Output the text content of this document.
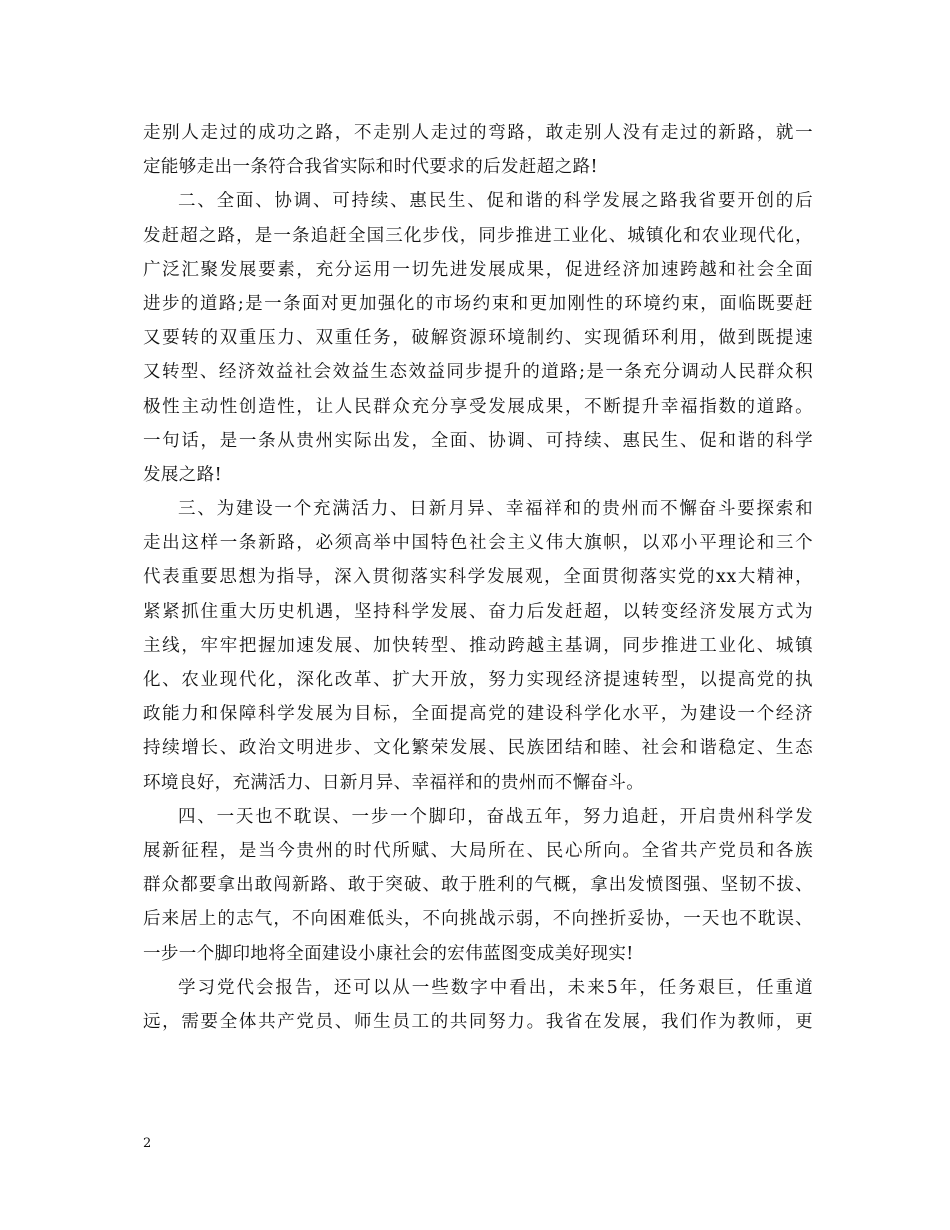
走别人走过的成功之路，不走别人走过的弯路，敢走别人没有走过的新路，就一
定能够走出一条符合我省实际和时代要求的后发赶超之路!
二、全面、协调、可持续、惠民生、促和谐的科学发展之路我省要开创的后
发赶超之路，是一条追赶全国三化步伐，同步推进工业化、城镇化和农业现代化，
广泛汇聚发展要素，充分运用一切先进发展成果，促进经济加速跨越和社会全面
进步的道路;是一条面对更加强化的市场约束和更加刚性的环境约束，面临既要赶
又要转的双重压力、双重任务，破解资源环境制约、实现循环利用，做到既提速
又转型、经济效益社会效益生态效益同步提升的道路;是一条充分调动人民群众积
极性主动性创造性，让人民群众充分享受发展成果，不断提升幸福指数的道路。
一句话，是一条从贵州实际出发，全面、协调、可持续、惠民生、促和谐的科学
发展之路!
三、为建设一个充满活力、日新月异、幸福祥和的贵州而不懈奋斗要探索和
走出这样一条新路，必须高举中国特色社会主义伟大旗帜，以邓小平理论和三个
代表重要思想为指导，深入贯彻落实科学发展观，全面贯彻落实党的xx大精神，
紧紧抓住重大历史机遇，坚持科学发展、奋力后发赶超，以转变经济发展方式为
主线，牢牢把握加速发展、加快转型、推动跨越主基调，同步推进工业化、城镇
化、农业现代化，深化改革、扩大开放，努力实现经济提速转型，以提高党的执
政能力和保障科学发展为目标，全面提高党的建设科学化水平，为建设一个经济
持续增长、政治文明进步、文化繁荣发展、民族团结和睦、社会和谐稳定、生态
环境良好，充满活力、日新月异、幸福祥和的贵州而不懈奋斗。
四、一天也不耽误、一步一个脚印，奋战五年，努力追赶，开启贵州科学发
展新征程，是当今贵州的时代所赋、大局所在、民心所向。全省共产党员和各族
群众都要拿出敢闯新路、敢于突破、敢于胜利的气概，拿出发愤图强、坚韧不拔、
后来居上的志气，不向困难低头，不向挑战示弱，不向挫折妥协，一天也不耽误、
一步一个脚印地将全面建设小康社会的宏伟蓝图变成美好现实!
学习党代会报告，还可以从一些数字中看出，未来5年，任务艰巨，任重道
远，需要全体共产党员、师生员工的共同努力。我省在发展，我们作为教师，更
2
